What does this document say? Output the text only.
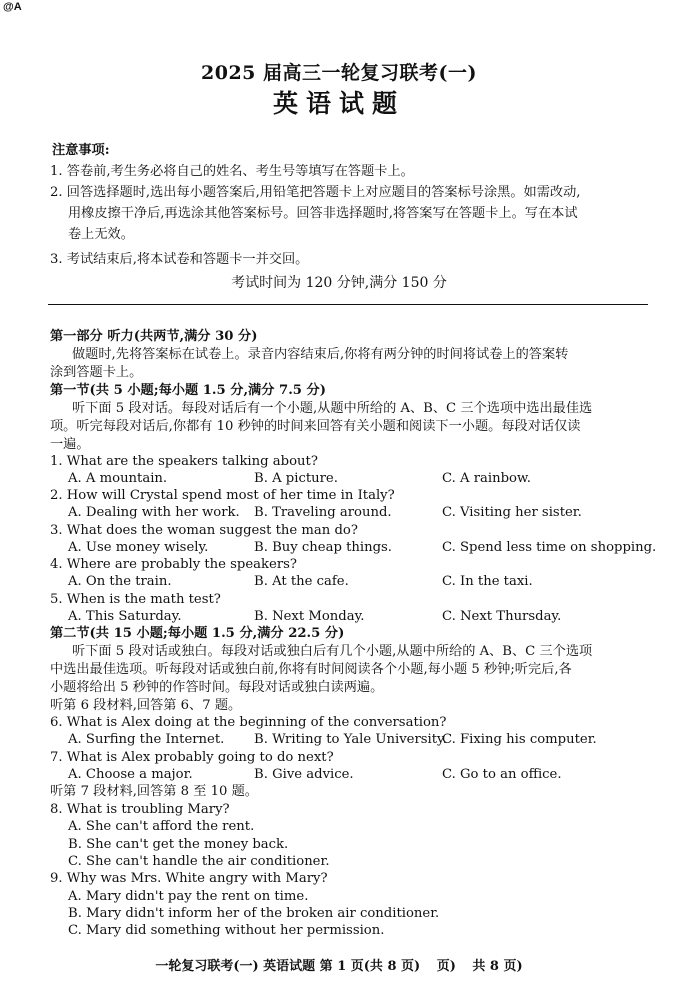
@A
2025 届高三一轮复习联考(一)
英语试题
注意事项:
1. 答卷前,考生务必将自己的姓名、考生号等填写在答题卡上。
2. 回答选择题时,选出每小题答案后,用铅笔把答题卡上对应题目的答案标号涂黑。如需改动,
用橡皮擦干净后,再选涂其他答案标号。回答非选择题时,将答案写在答题卡上。写在本试
卷上无效。
3. 考试结束后,将本试卷和答题卡一并交回。
考试时间为 120 分钟,满分 150 分
第一部分 听力(共两节,满分 30 分)
做题时,先将答案标在试卷上。录音内容结束后,你将有两分钟的时间将试卷上的答案转
涂到答题卡上。
第一节(共 5 小题;每小题 1.5 分,满分 7.5 分)
听下面 5 段对话。每段对话后有一个小题,从题中所给的 A、B、C 三个选项中选出最佳选
项。听完每段对话后,你都有 10 秒钟的时间来回答有关小题和阅读下一小题。每段对话仅读
一遍。
1. What are the speakers talking about?
A. A mountain.	B. A picture.	C. A rainbow.
2. How will Crystal spend most of her time in Italy?
A. Dealing with her work. B. Traveling around.	C. Visiting her sister.
3. What does the woman suggest the man do?
A. Use money wisely.	B. Buy cheap things.	C. Spend less time on shopping.
4. Where are probably the speakers?
A. On the train.	B. At the cafe.	C. In the taxi.
5. When is the math test?
A. This Saturday.	B. Next Monday.	C. Next Thursday.
第二节(共 15 小题;每小题 1.5 分,满分 22.5 分)
听下面 5 段对话或独白。每段对话或独白后有几个小题,从题中所给的 A、B、C 三个选项
中选出最佳选项。听每段对话或独白前,你将有时间阅读各个小题,每小题 5 秒钟;听完后,各
小题将给出 5 秒钟的作答时间。每段对话或独白读两遍。
听第 6 段材料,回答第 6、7 题。
6. What is Alex doing at the beginning of the conversation?
A. Surfing the Internet. B. Writing to Yale University.
C. Fixing his computer.
7. What is Alex probably going to do next?
A. Choose a major.	B. Give advice.	C. Go to an office.
听第 7 段材料,回答第 8 至 10 题。
8. What is troubling Mary?
A. She can't afford the rent.
B. She can't get the money back.
C. She can't handle the air conditioner.
9. Why was Mrs. White angry with Mary?
A. Mary didn't pay the rent on time.
B. Mary didn't inform her of the broken air conditioner.
C. Mary did something without her permission.
一轮复习联考(一) 英语试题 第 1 页(共 8 页) 页) 共 8 页)
